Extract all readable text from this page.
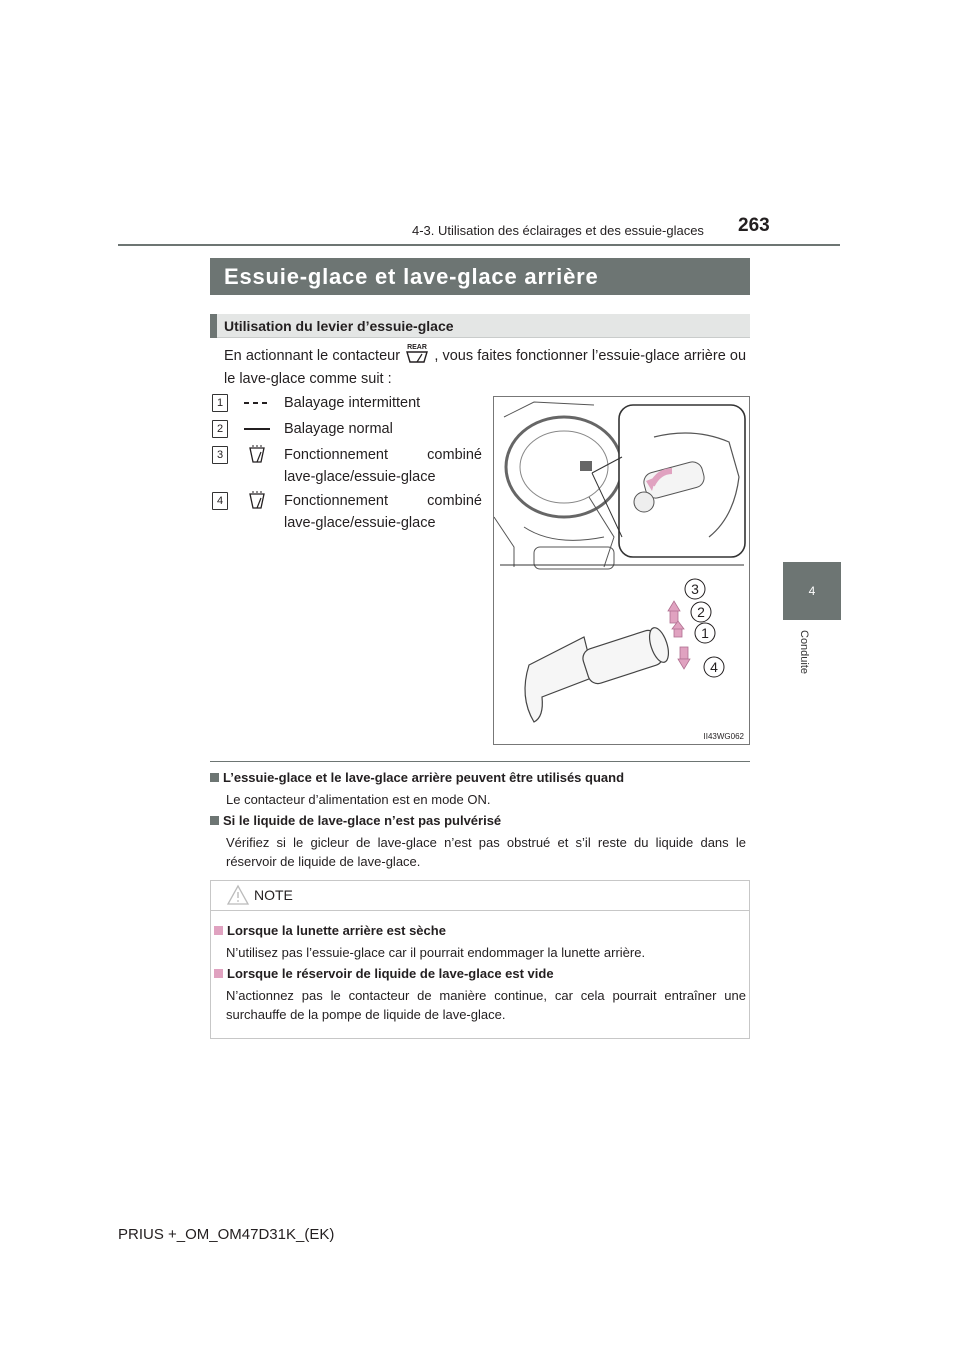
4-3. Utilisation des éclairages et des essuie-glaces 263
4
Conduite
Essuie-glace et lave-glace arrière
Utilisation du levier d’essuie-glace
En actionnant le contacteur
REAR
, vous faites fonctionner l’essuie-glace arrière ou le lave-glace comme suit :
1	Balayage intermittent
2	Balayage normal
3	Fonctionnement combiné lave-glace/essuie-glace
4	Fonctionnement combiné lave-glace/essuie-glace
3
2
1
4
II43WG062
L’essuie-glace et le lave-glace arrière peuvent être utilisés quand
Le contacteur d’alimentation est en mode ON.
Si le liquide de lave-glace n’est pas pulvérisé
Vérifiez si le gicleur de lave-glace n’est pas obstrué et s’il reste du liquide dans le réservoir de liquide de lave-glace.
NOTE
Lorsque la lunette arrière est sèche
N’utilisez pas l’essuie-glace car il pourrait endommager la lunette arrière.
Lorsque le réservoir de liquide de lave-glace est vide
N’actionnez pas le contacteur de manière continue, car cela pourrait entraîner une surchauffe de la pompe de liquide de lave-glace.
PRIUS +_OM_OM47D31K_(EK)
